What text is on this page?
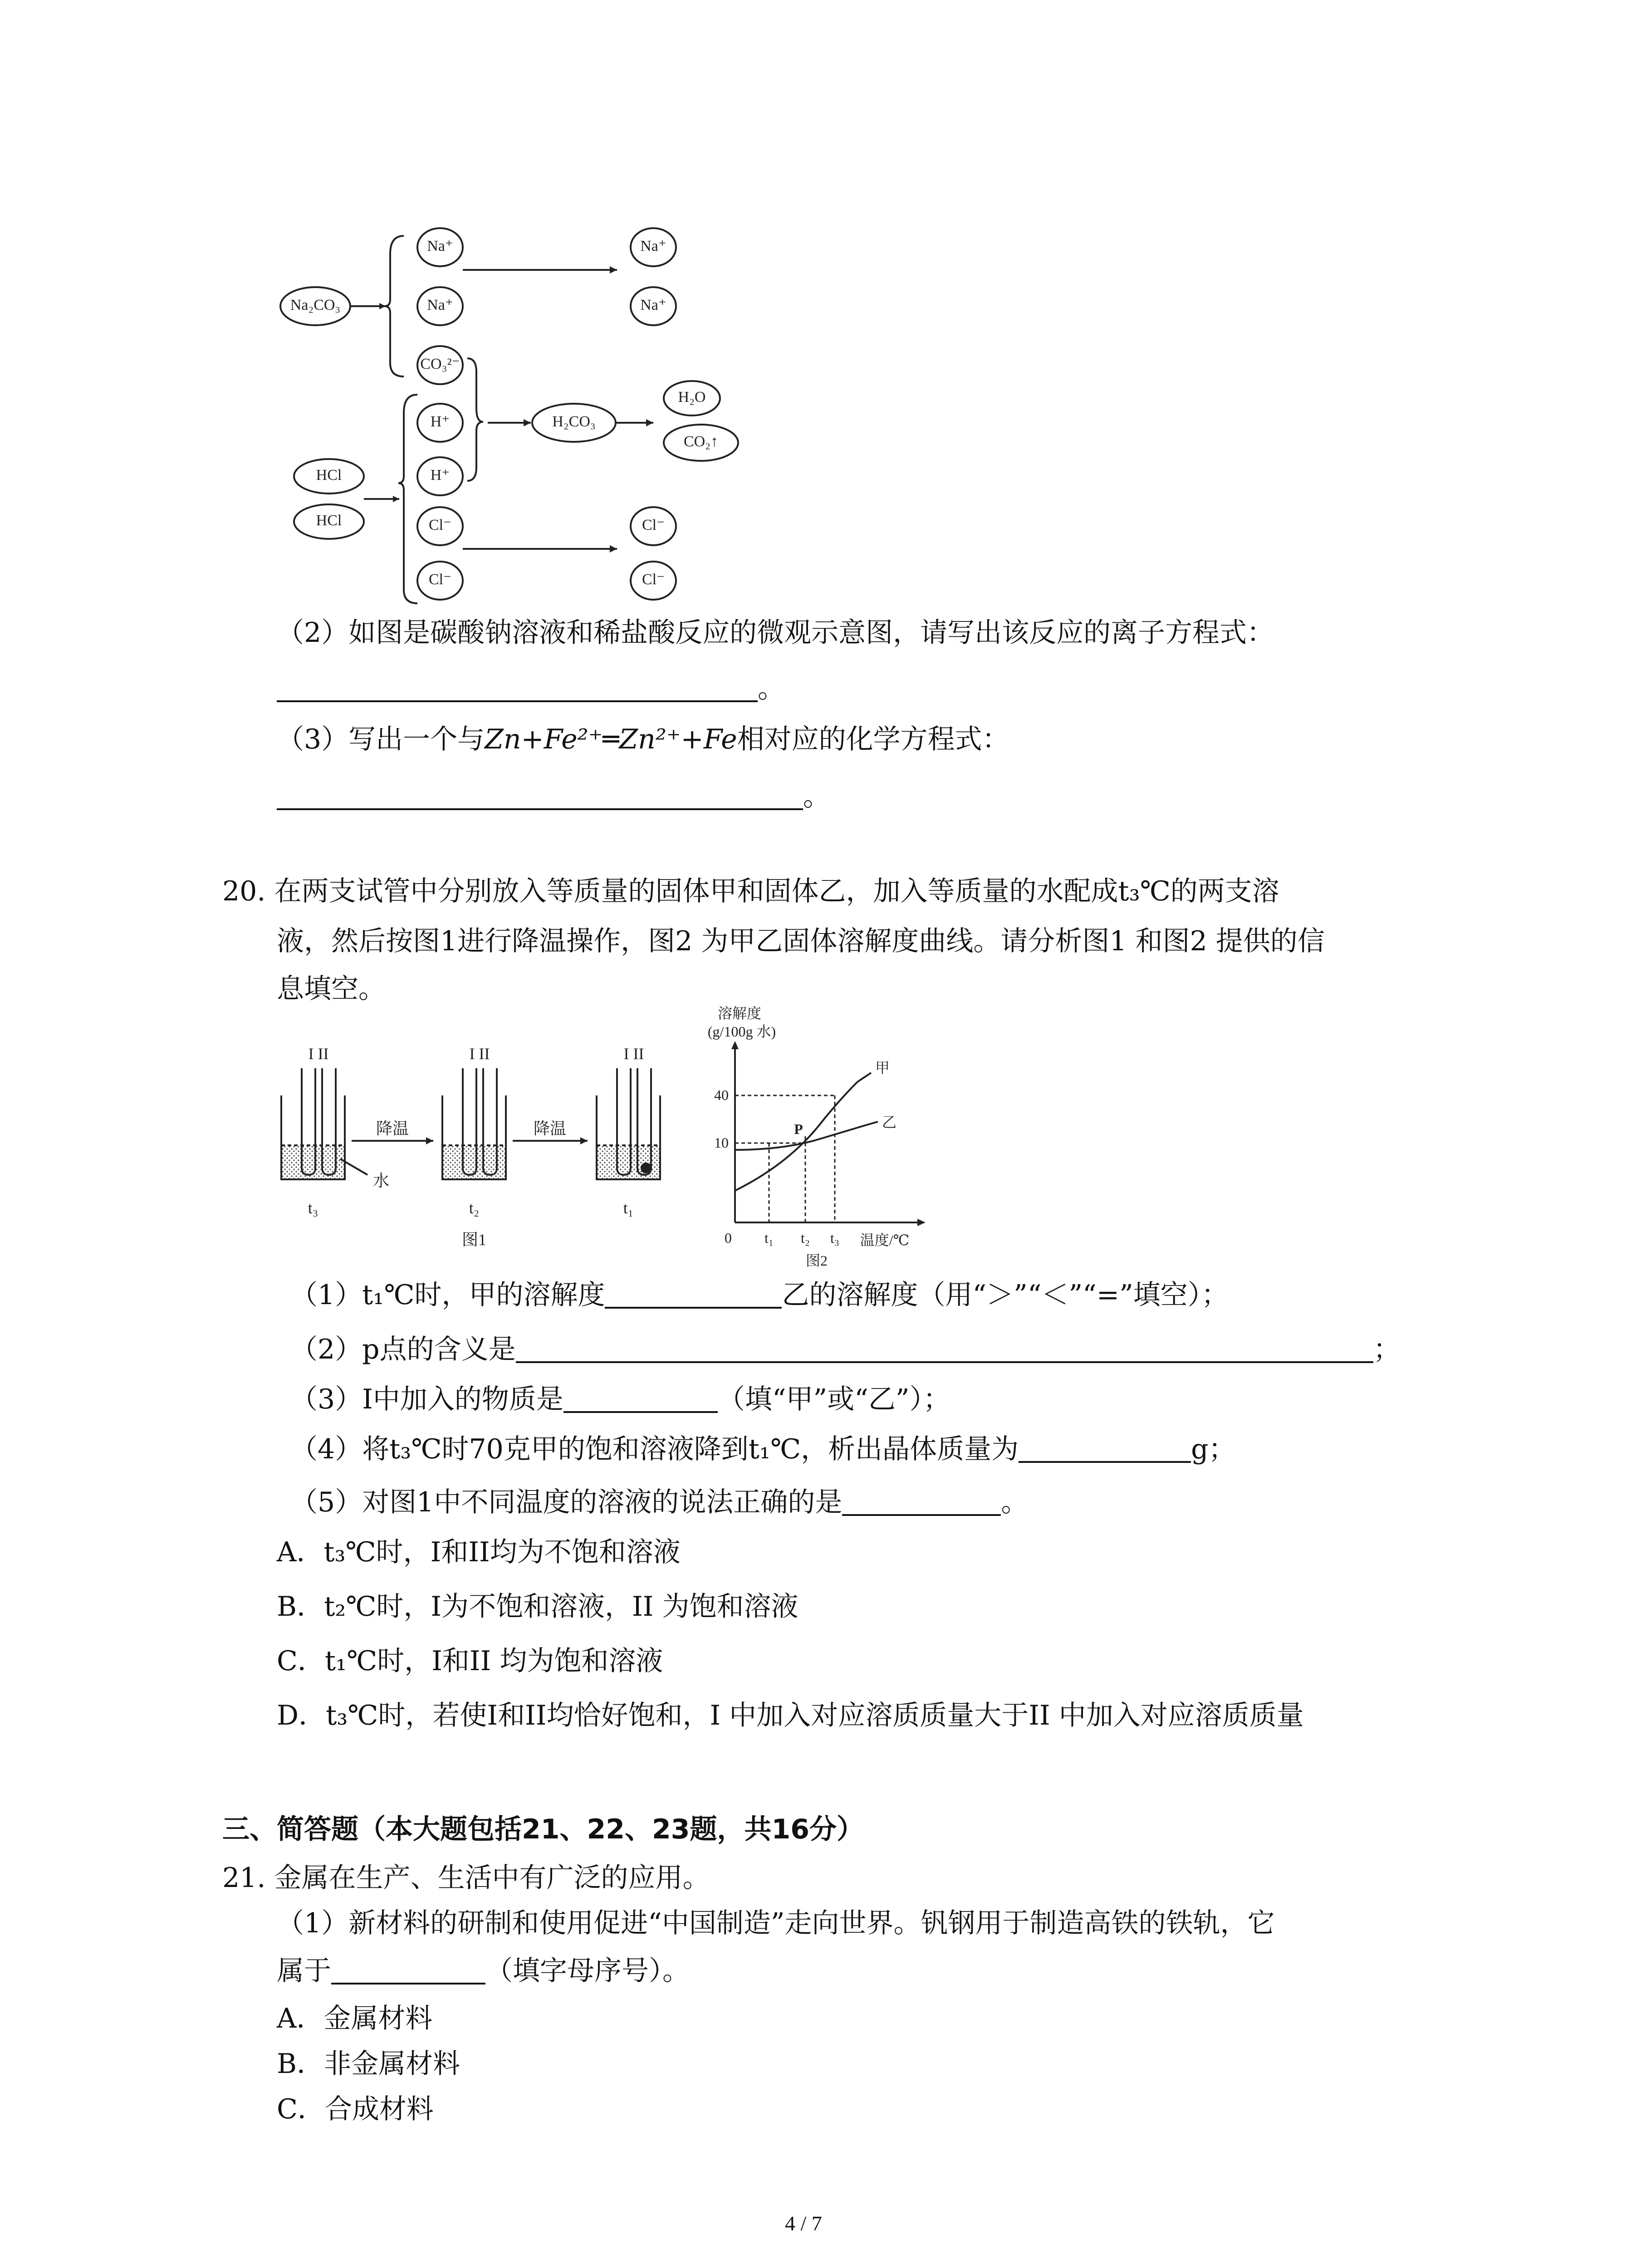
Na₂CO₃
Na⁺
Na⁺
CO₃²⁻
Na⁺
Na⁺
H⁺
H⁺
H₂CO₃
H₂O
CO₂↑
HCl
HCl	Cl⁻
Cl⁻
Cl⁻
Cl⁻
（2）如图是碳酸钠溶液和稀盐酸反应的微观示意图，请写出该反应的离子方程式：
。
（3）写出一个与Zn+Fe²⁺═Zn²⁺+Fe相对应的化学方程式：
。
20. 在两支试管中分别放入等质量的固体甲和固体乙，加入等质量的水配成t₃℃的两支溶
液，然后按图1进行降温操作，图2 为甲乙固体溶解度曲线。请分析图1 和图2 提供的信
息填空。
I II	I II	I II
降温	降温
水
t₃	t₂	t₁
图1
溶解度
(g/100g 水)
40
10
0 t₁ t₂ t₃ 温度/℃
甲
乙
P
图2
（1）t₁℃时，甲的溶解度	乙的溶解度（用“＞”“＜”“=”填空）；
（2）p点的含义是	；
（3）I中加入的物质是	（填“甲”或“乙”）；
（4）将t₃℃时70克甲的饱和溶液降到t₁℃，析出晶体质量为	g；
（5）对图1中不同温度的溶液的说法正确的是	。
A．t₃℃时，I和II均为不饱和溶液
B．t₂℃时，I为不饱和溶液，II 为饱和溶液
C．t₁℃时，I和II 均为饱和溶液
D．t₃℃时，若使I和II均恰好饱和，I 中加入对应溶质质量大于II 中加入对应溶质质量
三、简答题（本大题包括21、22、23题，共16分）
21. 金属在生产、生活中有广泛的应用。
（1）新材料的研制和使用促进“中国制造”走向世界。钒钢用于制造高铁的铁轨，它
属于	（填字母序号）。
A．金属材料
B．非金属材料
C．合成材料
4 / 7
